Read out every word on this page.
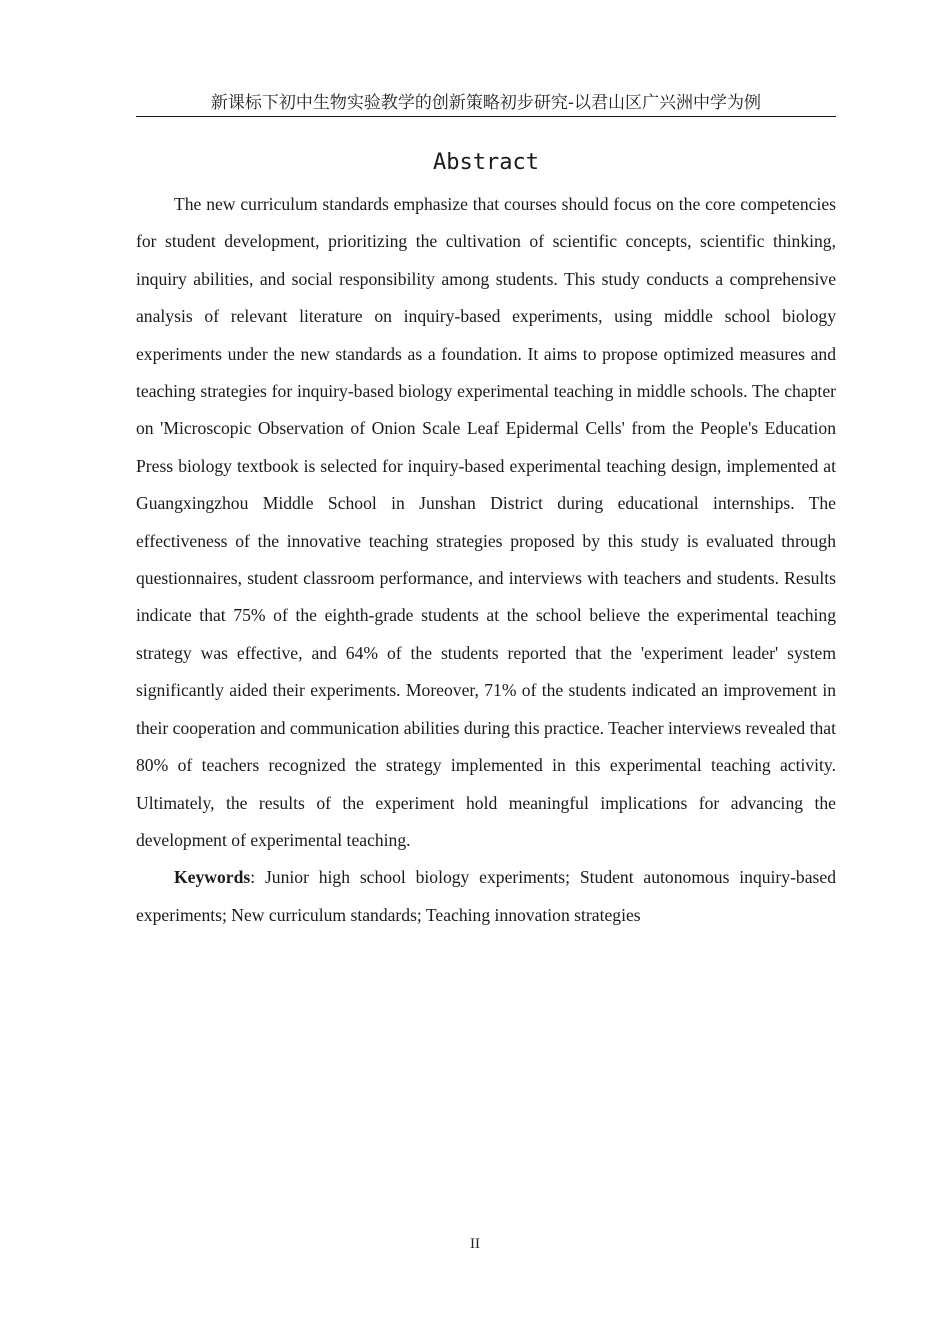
新课标下初中生物实验教学的创新策略初步研究-以君山区广兴洲中学为例
Abstract

The new curriculum standards emphasize that courses should focus on the core competencies for student development, prioritizing the cultivation of scientific concepts, scientific thinking, inquiry abilities, and social responsibility among students. This study conducts a comprehensive analysis of relevant literature on inquiry-based experiments, using middle school biology experiments under the new standards as a foundation. It aims to propose optimized measures and teaching strategies for inquiry-based biology experimental teaching in middle schools. The chapter on 'Microscopic Observation of Onion Scale Leaf Epidermal Cells' from the People's Education Press biology textbook is selected for inquiry-based experimental teaching design, implemented at Guangxingzhou Middle School in Junshan District during educational internships. The effectiveness of the innovative teaching strategies proposed by this study is evaluated through questionnaires, student classroom performance, and interviews with teachers and students. Results indicate that 75% of the eighth-grade students at the school believe the experimental teaching strategy was effective, and 64% of the students reported that the 'experiment leader' system significantly aided their experiments. Moreover, 71% of the students indicated an improvement in their cooperation and communication abilities during this practice. Teacher interviews revealed that 80% of teachers recognized the strategy implemented in this experimental teaching activity. Ultimately, the results of the experiment hold meaningful implications for advancing the development of experimental teaching.

Keywords: Junior high school biology experiments; Student autonomous inquiry-based experiments; New curriculum standards; Teaching innovation strategies

II
